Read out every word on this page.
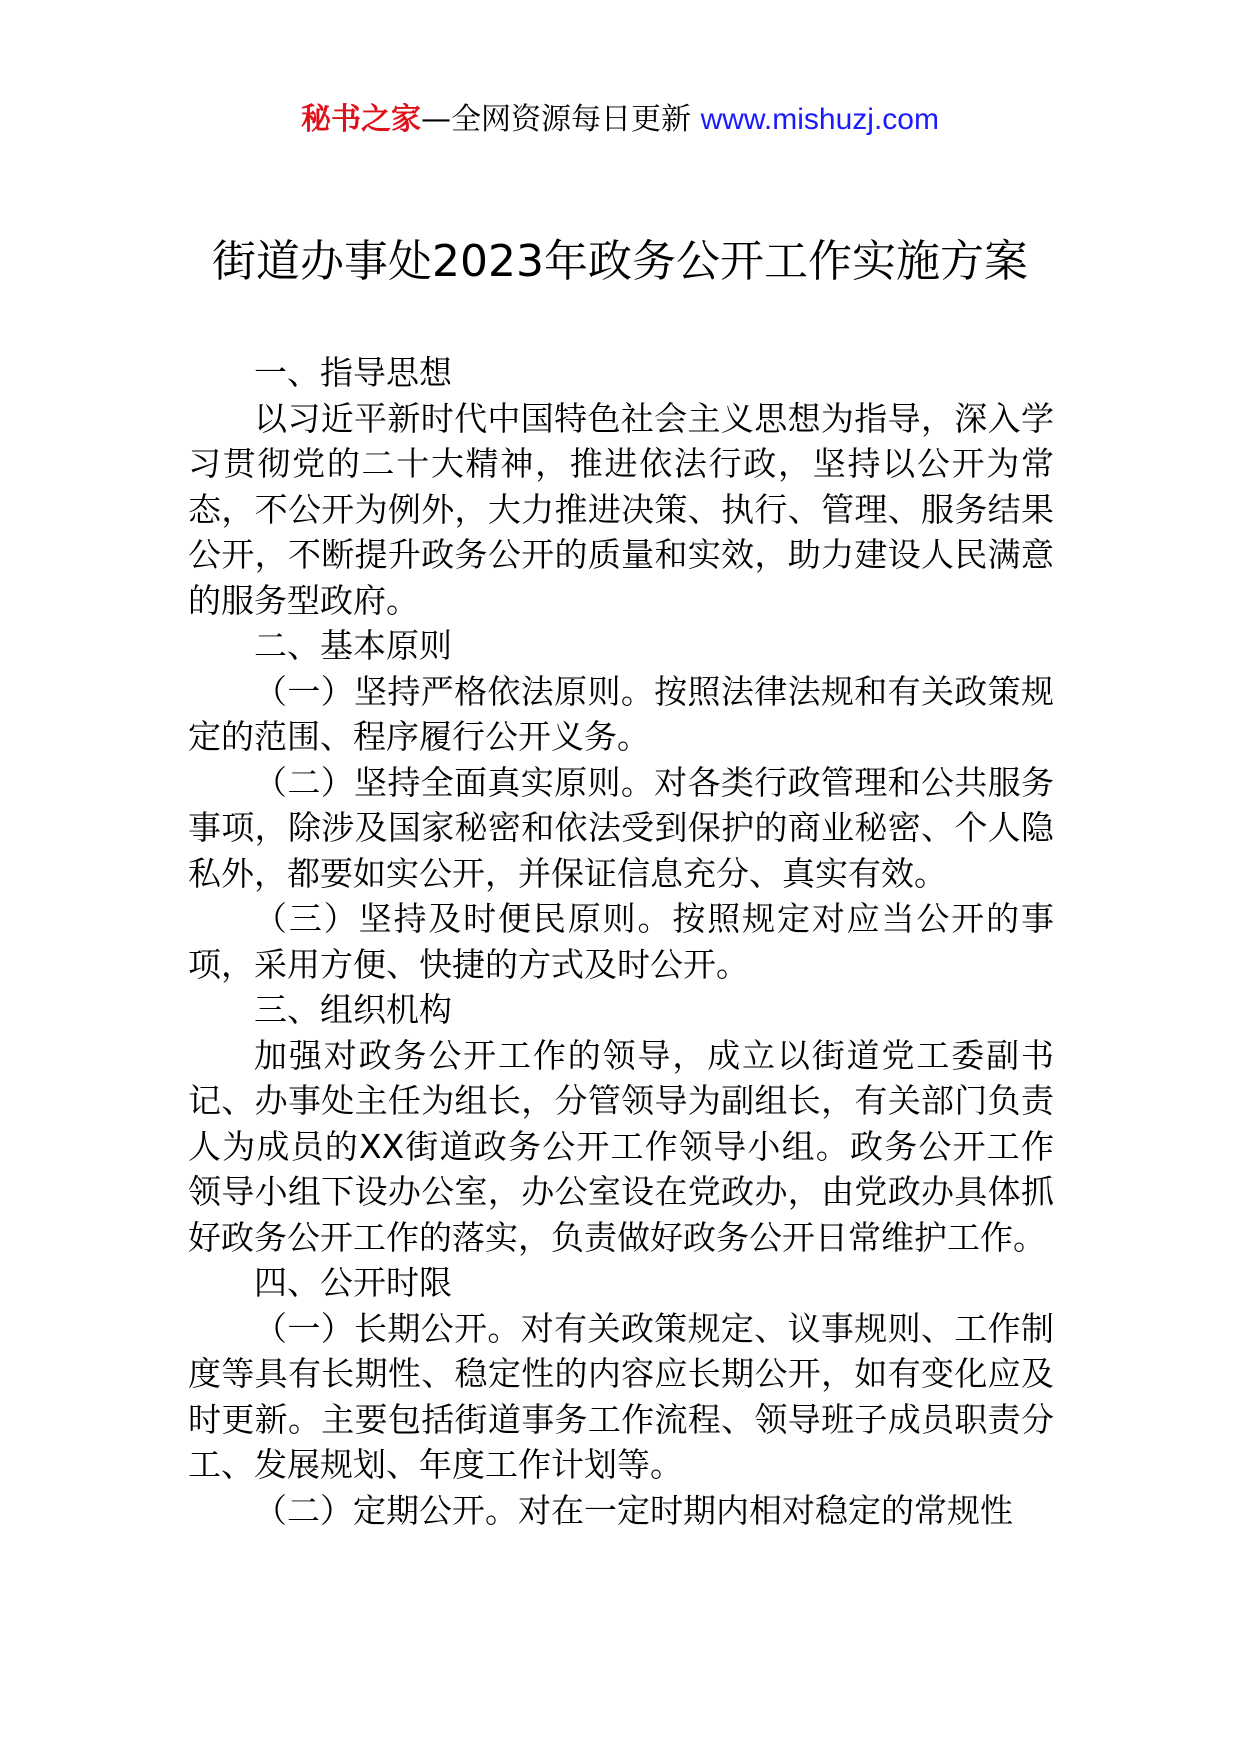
秘书之家—全网资源每日更新 www.mishuzj.com
街道办事处2023年政务公开工作实施方案

一、指导思想

以习近平新时代中国特色社会主义思想为指导，深入学习贯彻党的二十大精神，推进依法行政，坚持以公开为常态，不公开为例外，大力推进决策、执行、管理、服务结果公开，不断提升政务公开的质量和实效，助力建设人民满意的服务型政府。

二、基本原则

（一）坚持严格依法原则。按照法律法规和有关政策规定的范围、程序履行公开义务。

（二）坚持全面真实原则。对各类行政管理和公共服务事项，除涉及国家秘密和依法受到保护的商业秘密、个人隐私外，都要如实公开，并保证信息充分、真实有效。

（三）坚持及时便民原则。按照规定对应当公开的事项，采用方便、快捷的方式及时公开。

三、组织机构

加强对政务公开工作的领导，成立以街道党工委副书记、办事处主任为组长，分管领导为副组长，有关部门负责人为成员的XX街道政务公开工作领导小组。政务公开工作领导小组下设办公室，办公室设在党政办，由党政办具体抓好政务公开工作的落实，负责做好政务公开日常维护工作。

四、公开时限

（一）长期公开。对有关政策规定、议事规则、工作制度等具有长期性、稳定性的内容应长期公开，如有变化应及时更新。主要包括街道事务工作流程、领导班子成员职责分工、发展规划、年度工作计划等。

（二）定期公开。对在一定时期内相对稳定的常规性
